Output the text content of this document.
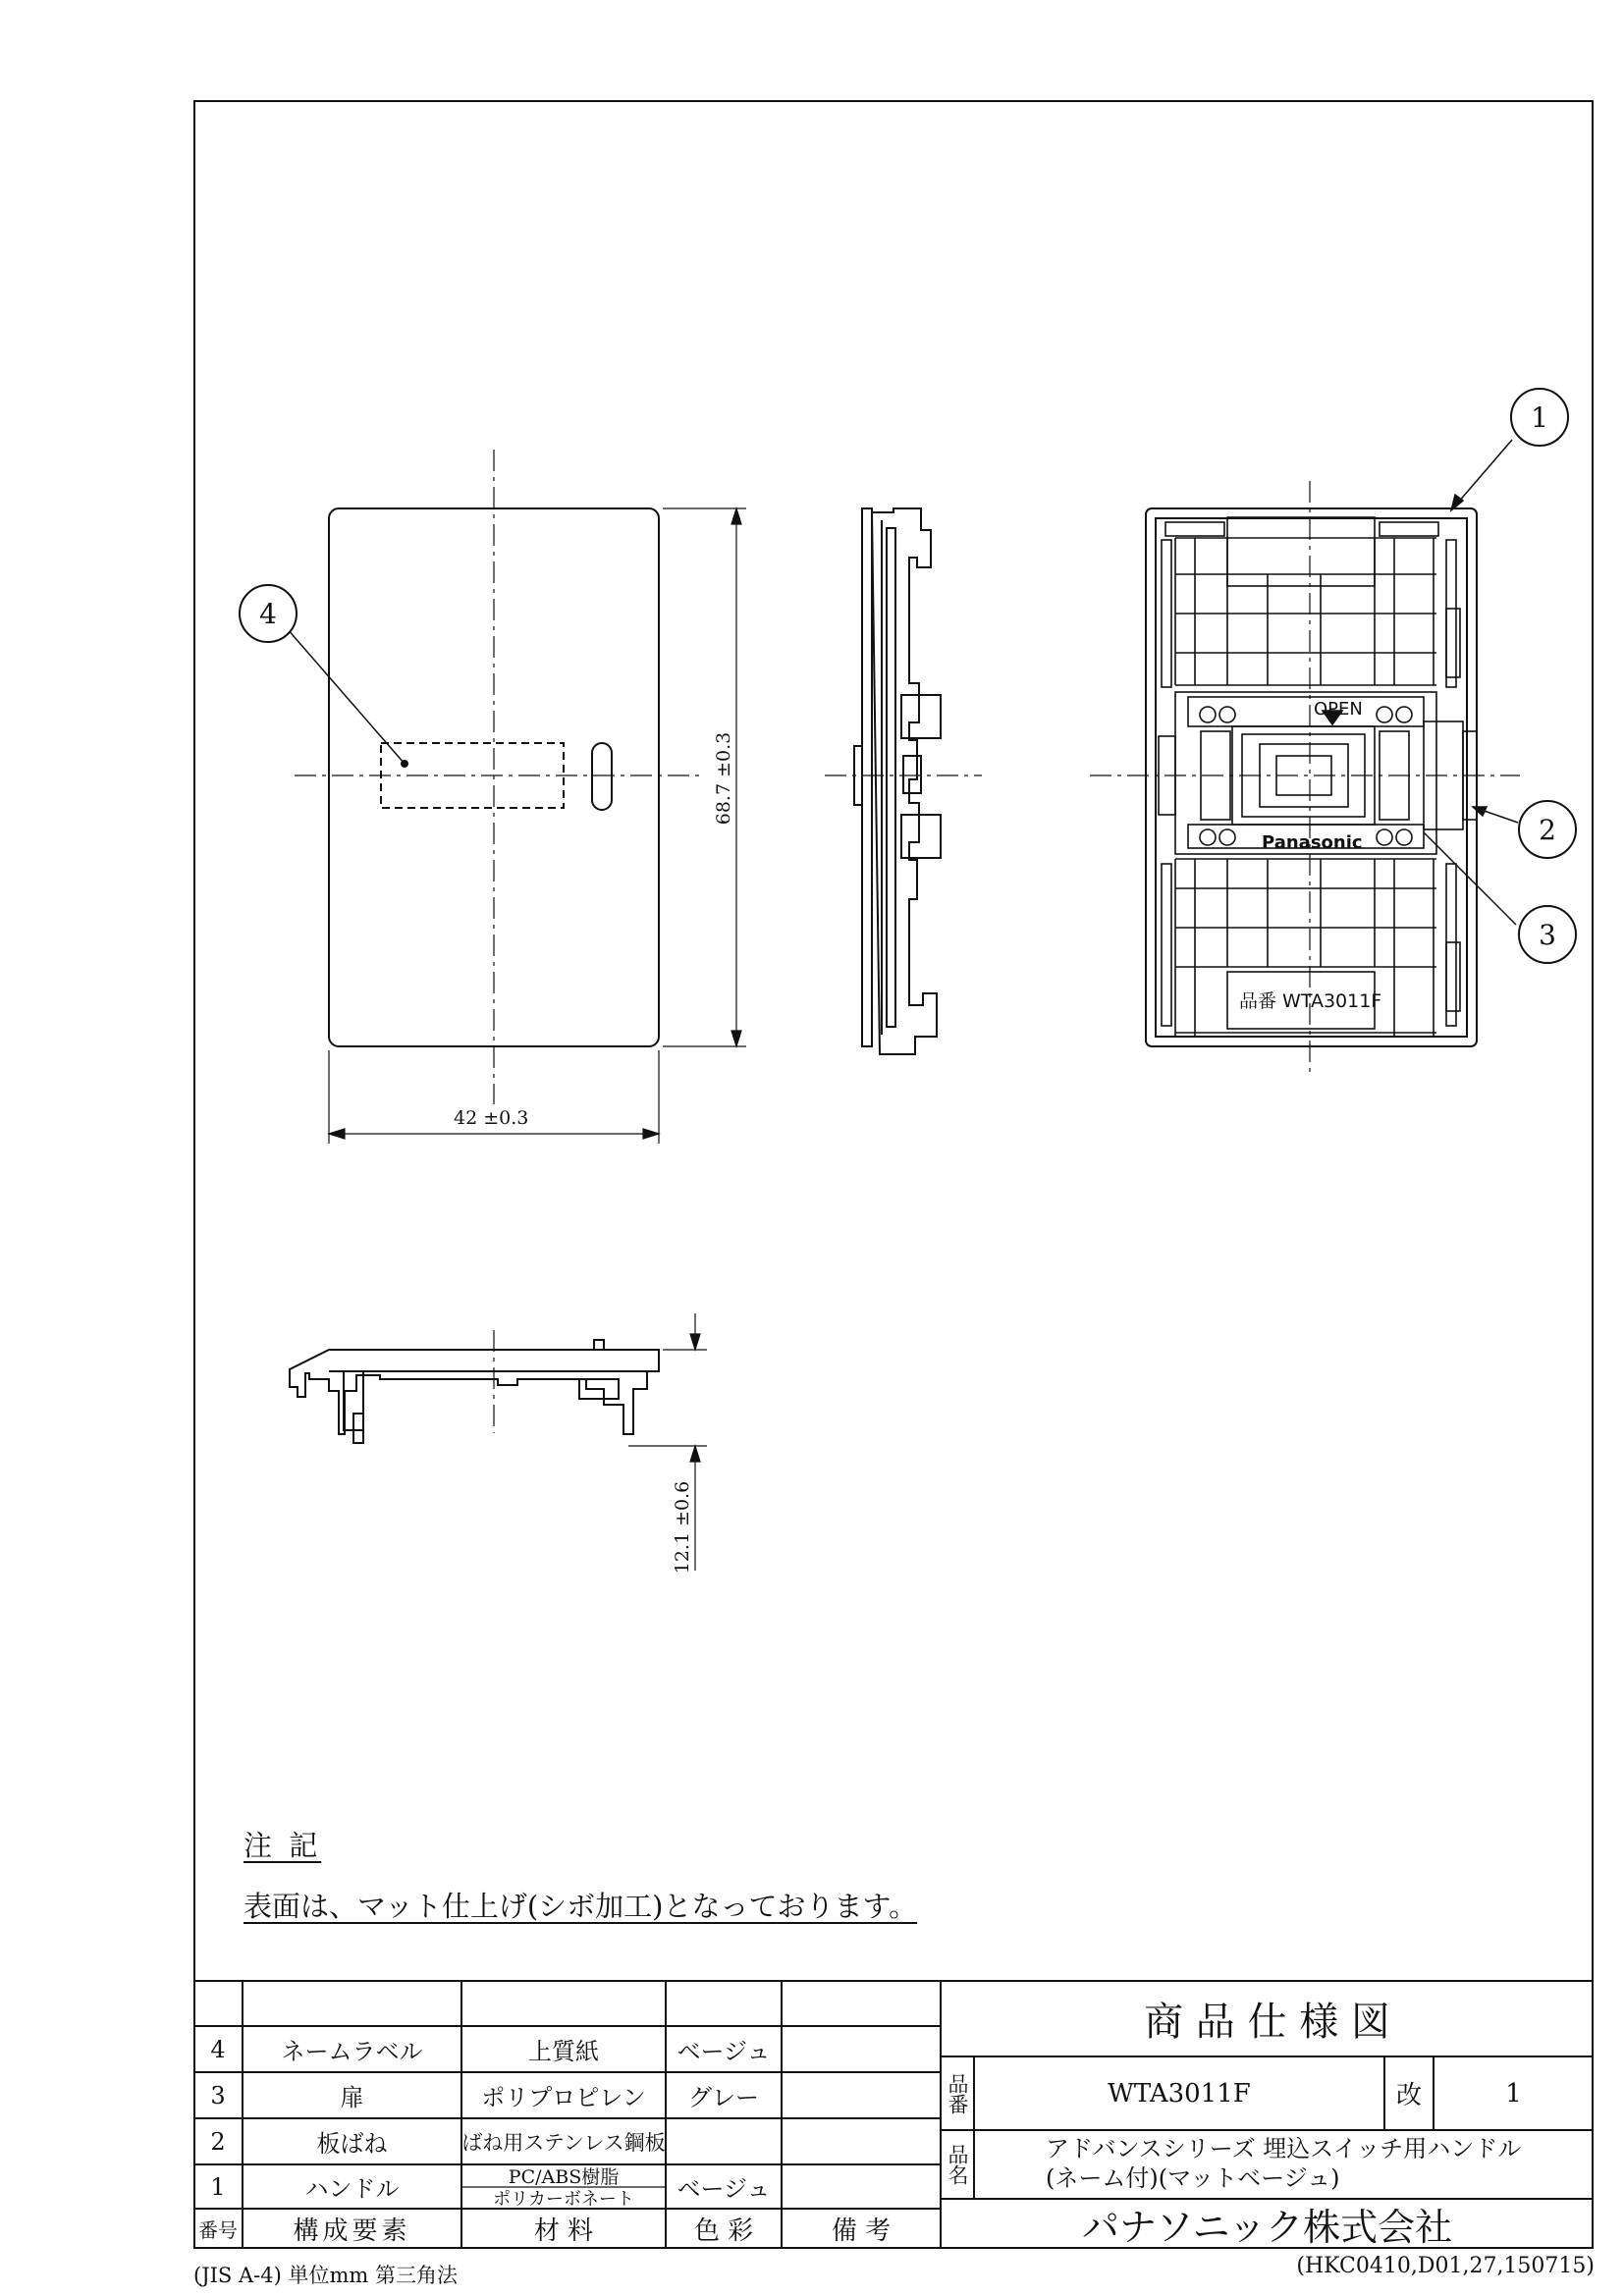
1
2
3
4
68.7 ±0.3
42 ±0.3
12.1 ±0.6
OPEN
Panasonic
品番 WTA3011F
注 記
表面は、マット仕上げ(シボ加工)となっております。
4	ネームラベル	上質紙	ベージュ
3	扉	ポリプロピレン	グレー
2	板ばね	ばね用ステンレス鋼板
1	ハンドル	PC/ABS樹脂
ポリカーボネート	ベージュ
番号	構成要素	材 料	色 彩	備 考
商 品 仕 様 図
品番	WTA3011F	改	1
品名	アドバンスシリーズ 埋込スイッチ用ハンドル
(ネーム付)(マットベージュ)
パナソニック株式会社
(JIS A-4) 単位mm 第三角法	(HKC0410,D01,27,150715)
